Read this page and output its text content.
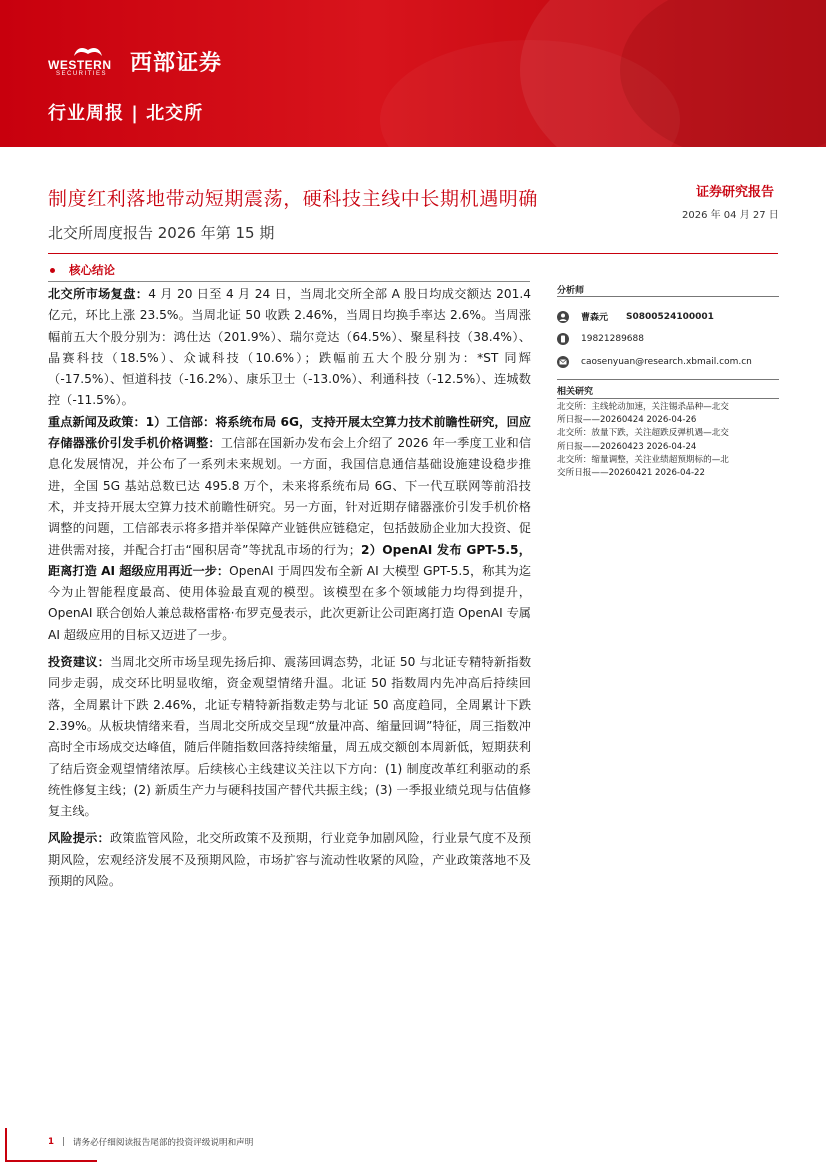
WESTERN
SECURITIES 西部证券
行业周报 | 北交所
证券研究报告
2026 年 04 月 27 日
制度红利落地带动短期震荡，硬科技主线中长期机遇明确
北交所周度报告 2026 年第 15 期
核心结论

北交所市场复盘：4 月 20 日至 4 月 24 日，当周北交所全部 A 股日均成交额达 201.4 亿元，环比上涨 23.5%。当周北证 50 收跌 2.46%，当周日均换手率达 2.6%。当周涨幅前五大个股分别为：鸿仕达（201.9%）、瑞尔竞达（64.5%）、聚星科技（38.4%）、晶赛科技（18.5%）、众诚科技（10.6%）；跌幅前五大个股分别为：*ST 同辉（-17.5%）、恒道科技（-16.2%）、康乐卫士（-13.0%）、利通科技（-12.5%）、连城数控（-11.5%）。

重点新闻及政策：1）工信部：将系统布局 6G，支持开展太空算力技术前瞻性研究，回应存储器涨价引发手机价格调整：工信部在国新办发布会上介绍了 2026 年一季度工业和信息化发展情况，并公布了一系列未来规划。一方面，我国信息通信基础设施建设稳步推进，全国 5G 基站总数已达 495.8 万个，未来将系统布局 6G、下一代互联网等前沿技术，并支持开展太空算力技术前瞻性研究。另一方面，针对近期存储器涨价引发手机价格调整的问题，工信部表示将多措并举保障产业链供应链稳定，包括鼓励企业加大投资、促进供需对接，并配合打击“囤积居奇”等扰乱市场的行为；2）OpenAI 发布 GPT-5.5，距离打造 AI 超级应用再近一步：OpenAI 于周四发布全新 AI 大模型 GPT-5.5，称其为迄今为止智能程度最高、使用体验最直观的模型。该模型在多个领域能力均得到提升，OpenAI 联合创始人兼总裁格雷格·布罗克曼表示，此次更新让公司距离打造 OpenAI 专属 AI 超级应用的目标又迈进了一步。

投资建议：当周北交所市场呈现先扬后抑、震荡回调态势，北证 50 与北证专精特新指数同步走弱，成交环比明显收缩，资金观望情绪升温。北证 50 指数周内先冲高后持续回落，全周累计下跌 2.46%，北证专精特新指数走势与北证 50 高度趋同，全周累计下跌 2.39%。从板块情绪来看，当周北交所成交呈现“放量冲高、缩量回调”特征，周三指数冲高时全市场成交达峰值，随后伴随指数回落持续缩量，周五成交额创本周新低，短期获利了结后资金观望情绪浓厚。后续核心主线建议关注以下方向：(1) 制度改革红利驱动的系统性修复主线；(2) 新质生产力与硬科技国产替代共振主线；(3) 一季报业绩兑现与估值修复主线。

风险提示：政策监管风险，北交所政策不及预期，行业竞争加剧风险，行业景气度不及预期风险，宏观经济发展不及预期风险，市场扩容与流动性收紧的风险，产业政策落地不及预期的风险。

分析师
曹森元 S0800524100001
19821289688
caosenyuan@research.xbmail.com.cn
相关研究
北交所：主线轮动加速，关注锡杀品种—北交
所日报——20260424 2026-04-26
北交所：放量下跌，关注超跌反弹机遇—北交
所日报——20260423 2026-04-24
北交所：缩量调整，关注业绩超预期标的—北
交所日报——20260421 2026-04-22
1 | 请务必仔细阅读报告尾部的投资评级说明和声明
